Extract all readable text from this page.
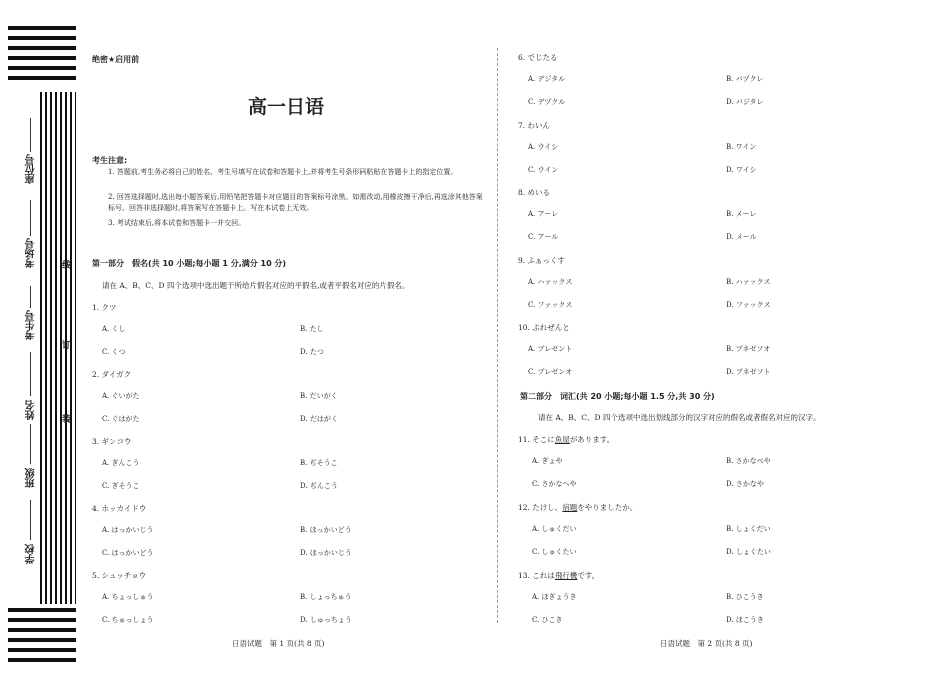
座位号
考场号
考生号
姓名
班级
学校
线
订
装
绝密★启用前
高一日语
考生注意:
1. 答题前,考生务必将自己的姓名、考生号填写在试卷和答题卡上,并将考生号条形码粘贴在答题卡上的指定位置。
2. 回答选择题时,选出每小题答案后,用铅笔把答题卡对应题目的答案标号涂黑。如需改动,用橡皮擦干净后,再选涂其他答案标号。回答非选择题时,将答案写在答题卡上。写在本试卷上无效。
3. 考试结束后,将本试卷和答题卡一并交回。
第一部分　假名(共 10 小题;每小题 1 分,满分 10 分)
请在 A、B、C、D 四个选项中选出题干所给片假名对应的平假名,或者平假名对应的片假名。
1. クツ
A. くし	B. たし
C. くつ	D. たつ
2. ダイガク
A. ぐいがた	B. だいがく
C. ぐはがた	D. だはがく
3. ギンコウ
A. ぎんこう	B. ぢそうこ
C. ぎそうこ	D. ぢんこう
4. ホッカイドウ
A. はっかいじう	B. ほっかいどう
C. はっかいどう	D. ほっかいじう
5. シュッチョウ
A. ちょっしゅう	B. しょっちゅう
C. ちゅっしょう	D. しゅっちょう
6. でじたる
A. デジタル	B. バヅクレ
C. デヅクル	D. バジタレ
7. わいん
A. ウイシ	B. ワイン
C. ウイン	D. ワイシ
8. めいる
A. アーレ	B. メーレ
C. アール	D. メール
9. ふぁっくす
A. ハァックス	B. ハァックス
C. ファックス	D. ファックス
10. ぷれぜんと
A. プレゼント	B. プネゼソオ
C. プレゼンオ	D. プネゼソト
第二部分　词汇(共 20 小题;每小题 1.5 分,共 30 分)
请在 A、B、C、D 四个选项中选出划线部分的汉字对应的假名或者假名对应的汉字。
11. そこに魚屋があります。
A. ぎょや	B. さかなべや
C. さかなへや	D. さかなや
12. たけし、宿題をやりましたか。
A. しゅくだい	B. しょくだい
C. しゅくたい	D. しょくたい
13. これは飛行機です。
A. ほぎょうき	B. ひこうき
C. ひこき	D. ほこうき
日语试题　第 1 页(共 8 页)	日语试题　第 2 页(共 8 页)
